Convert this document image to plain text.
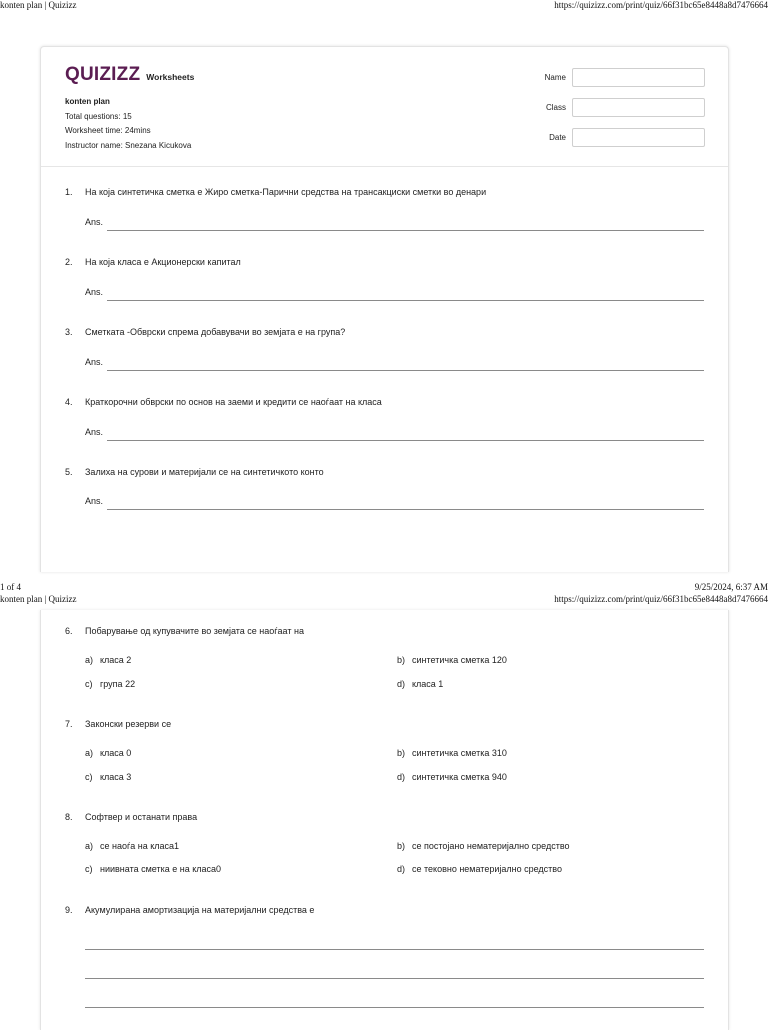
konten plan | Quizizz	https://quizizz.com/print/quiz/66f31bc65e8448a8d7476664
QUIZIZZ Worksheets
konten plan
Total questions: 15
Worksheet time: 24mins
Instructor name: Snezana Kicukova
Name
Class
Date
1. На која синтетичка сметка е Жиро сметка-Парични средства на трансакциски сметки во денари
Ans.
2. На која класа е Акционерски капитал
Ans.
3. Сметката -Обврски спрема добавувачи во земјата е на група?
Ans.
4. Краткорочни обврски по основ на заеми и кредити се наоѓаат на класа
Ans.
5. Залиха на сурови и материјали се на синтетичкото конто
Ans.
1 of 4	9/25/2024, 6:37 AM
konten plan | Quizizz	https://quizizz.com/print/quiz/66f31bc65e8448a8d7476664
6. Побарување од купувачите во земјата се наоѓаат на
a) класа 2	b) синтетичка сметка 120
c) група 22	d) класа 1
7. Законски резерви се
a) класа 0	b) синтетичка сметка 310
c) класа 3	d) синтетичка сметка 940
8. Софтвер и останати права
a) се наоѓа на класа1	b) се постојано нематеријално средство
c) ниивната сметка е на класа0	d) се тековно нематеријално средство
9. Акумулирана амортизација на материјални средства е
